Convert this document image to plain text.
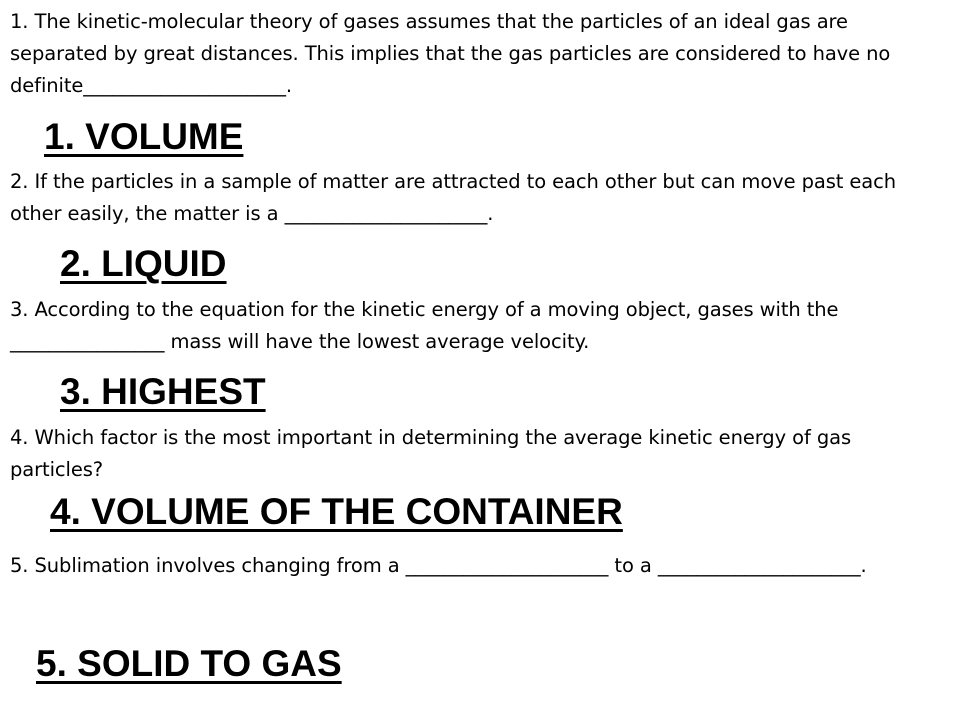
1. The kinetic-molecular theory of gases assumes that the particles of an ideal gas are separated by great distances. This implies that the gas particles are considered to have no definite_____________________.

1. VOLUME

2. If the particles in a sample of matter are attracted to each other but can move past each other easily, the matter is a _____________________.

2. LIQUID

3. According to the equation for the kinetic energy of a moving object, gases with the ________________ mass will have the lowest average velocity.

3. HIGHEST

4. Which factor is the most important in determining the average kinetic energy of gas particles?

4. VOLUME OF THE CONTAINER

5. Sublimation involves changing from a _____________________ to a _____________________.

5. SOLID TO GAS
